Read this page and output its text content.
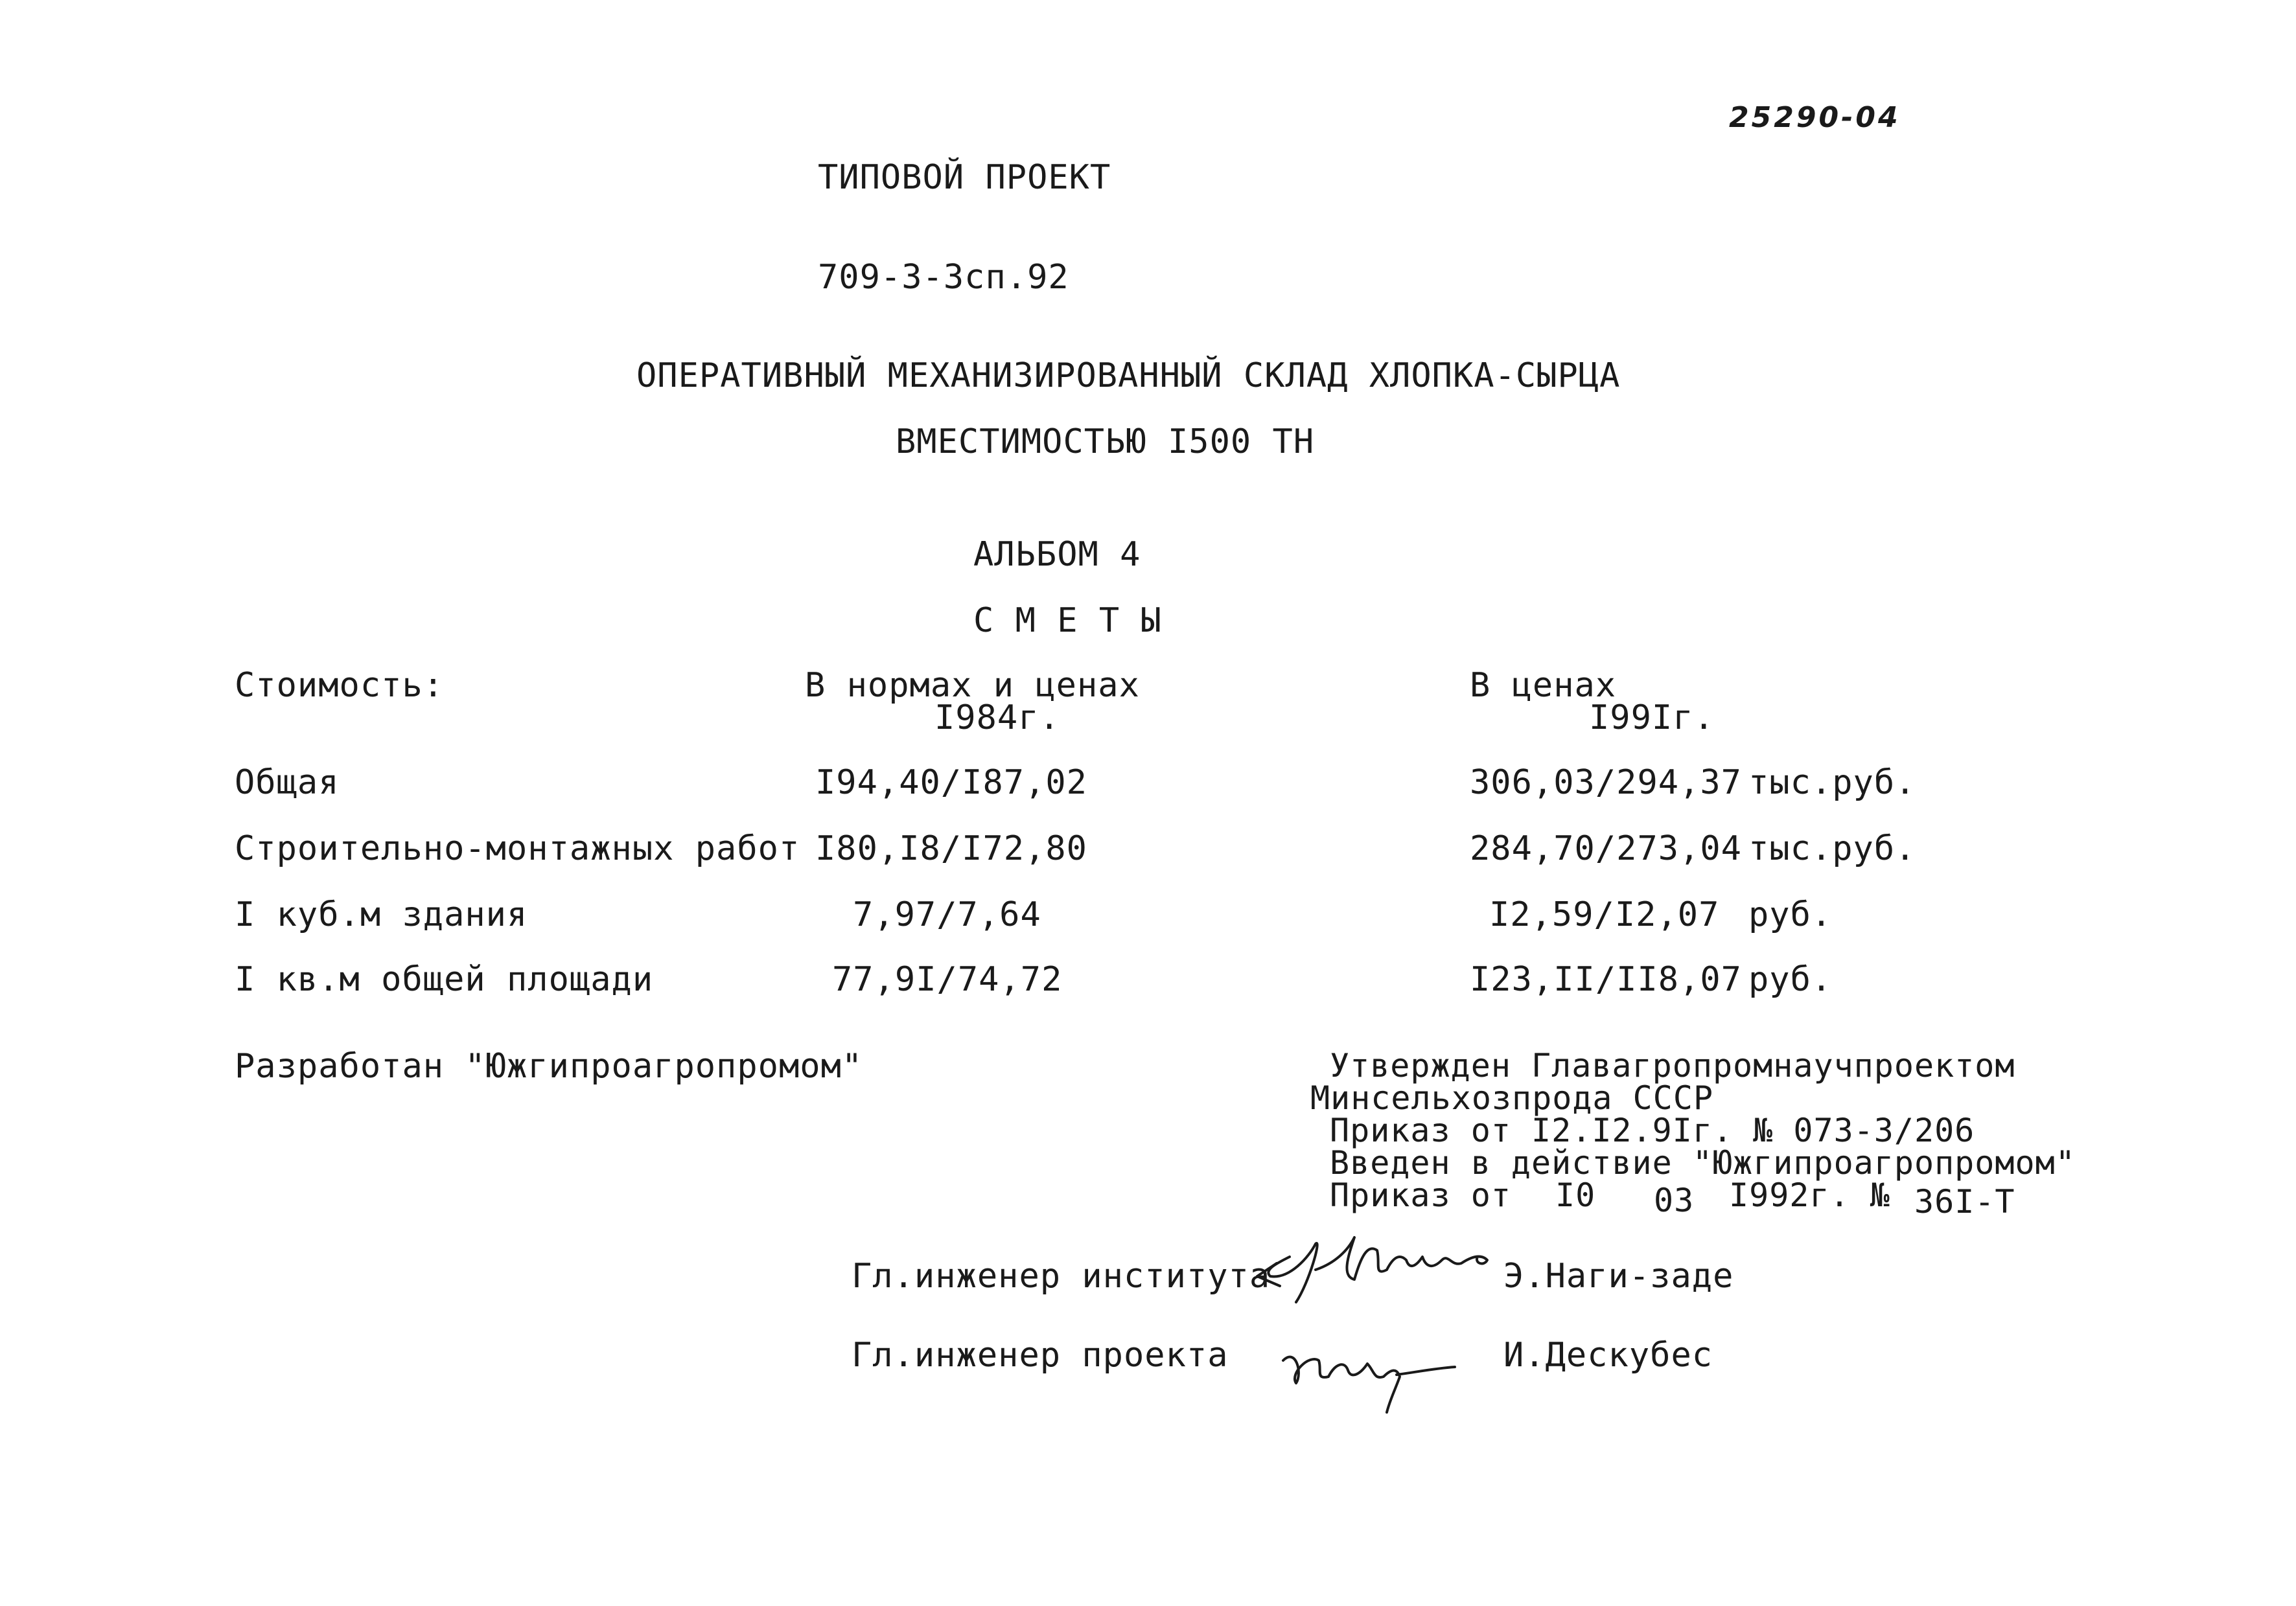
25290-04
ТИПОВОЙ ПРОЕКТ
709-3-3сп.92
ОПЕРАТИВНЫЙ МЕХАНИЗИРОВАННЫЙ СКЛАД ХЛОПКА-СЫРЦА
ВМЕСТИМОСТЬЮ I500 ТН
АЛЬБОМ 4
С М Е Т Ы
Стоимость:	В нормах и ценах
I984г.
В ценах
I99Iг.
Общая	I94,40/I87,02	306,03/294,37 тыс.руб.
Строительно-монтажных работ I80,I8/I72,80	284,70/273,04 тыс.руб.
I куб.м здания	7,97/7,64	I2,59/I2,07 руб.
I кв.м общей площади	77,9I/74,72	I23,II/II8,07 руб.
Разработан "Южгипроагропромом"	Утвержден Главагропромнаучпроектом
Минсельхозпрода СССР
Приказ от I2.I2.9Iг. № 073-3/206
Введен в действие "Южгипроагропромом"
Приказ от I0 03 I992г. № 36I-Т
Гл.инженер института	Э.Наги-заде
Гл.инженер проекта	И.Дескубес
